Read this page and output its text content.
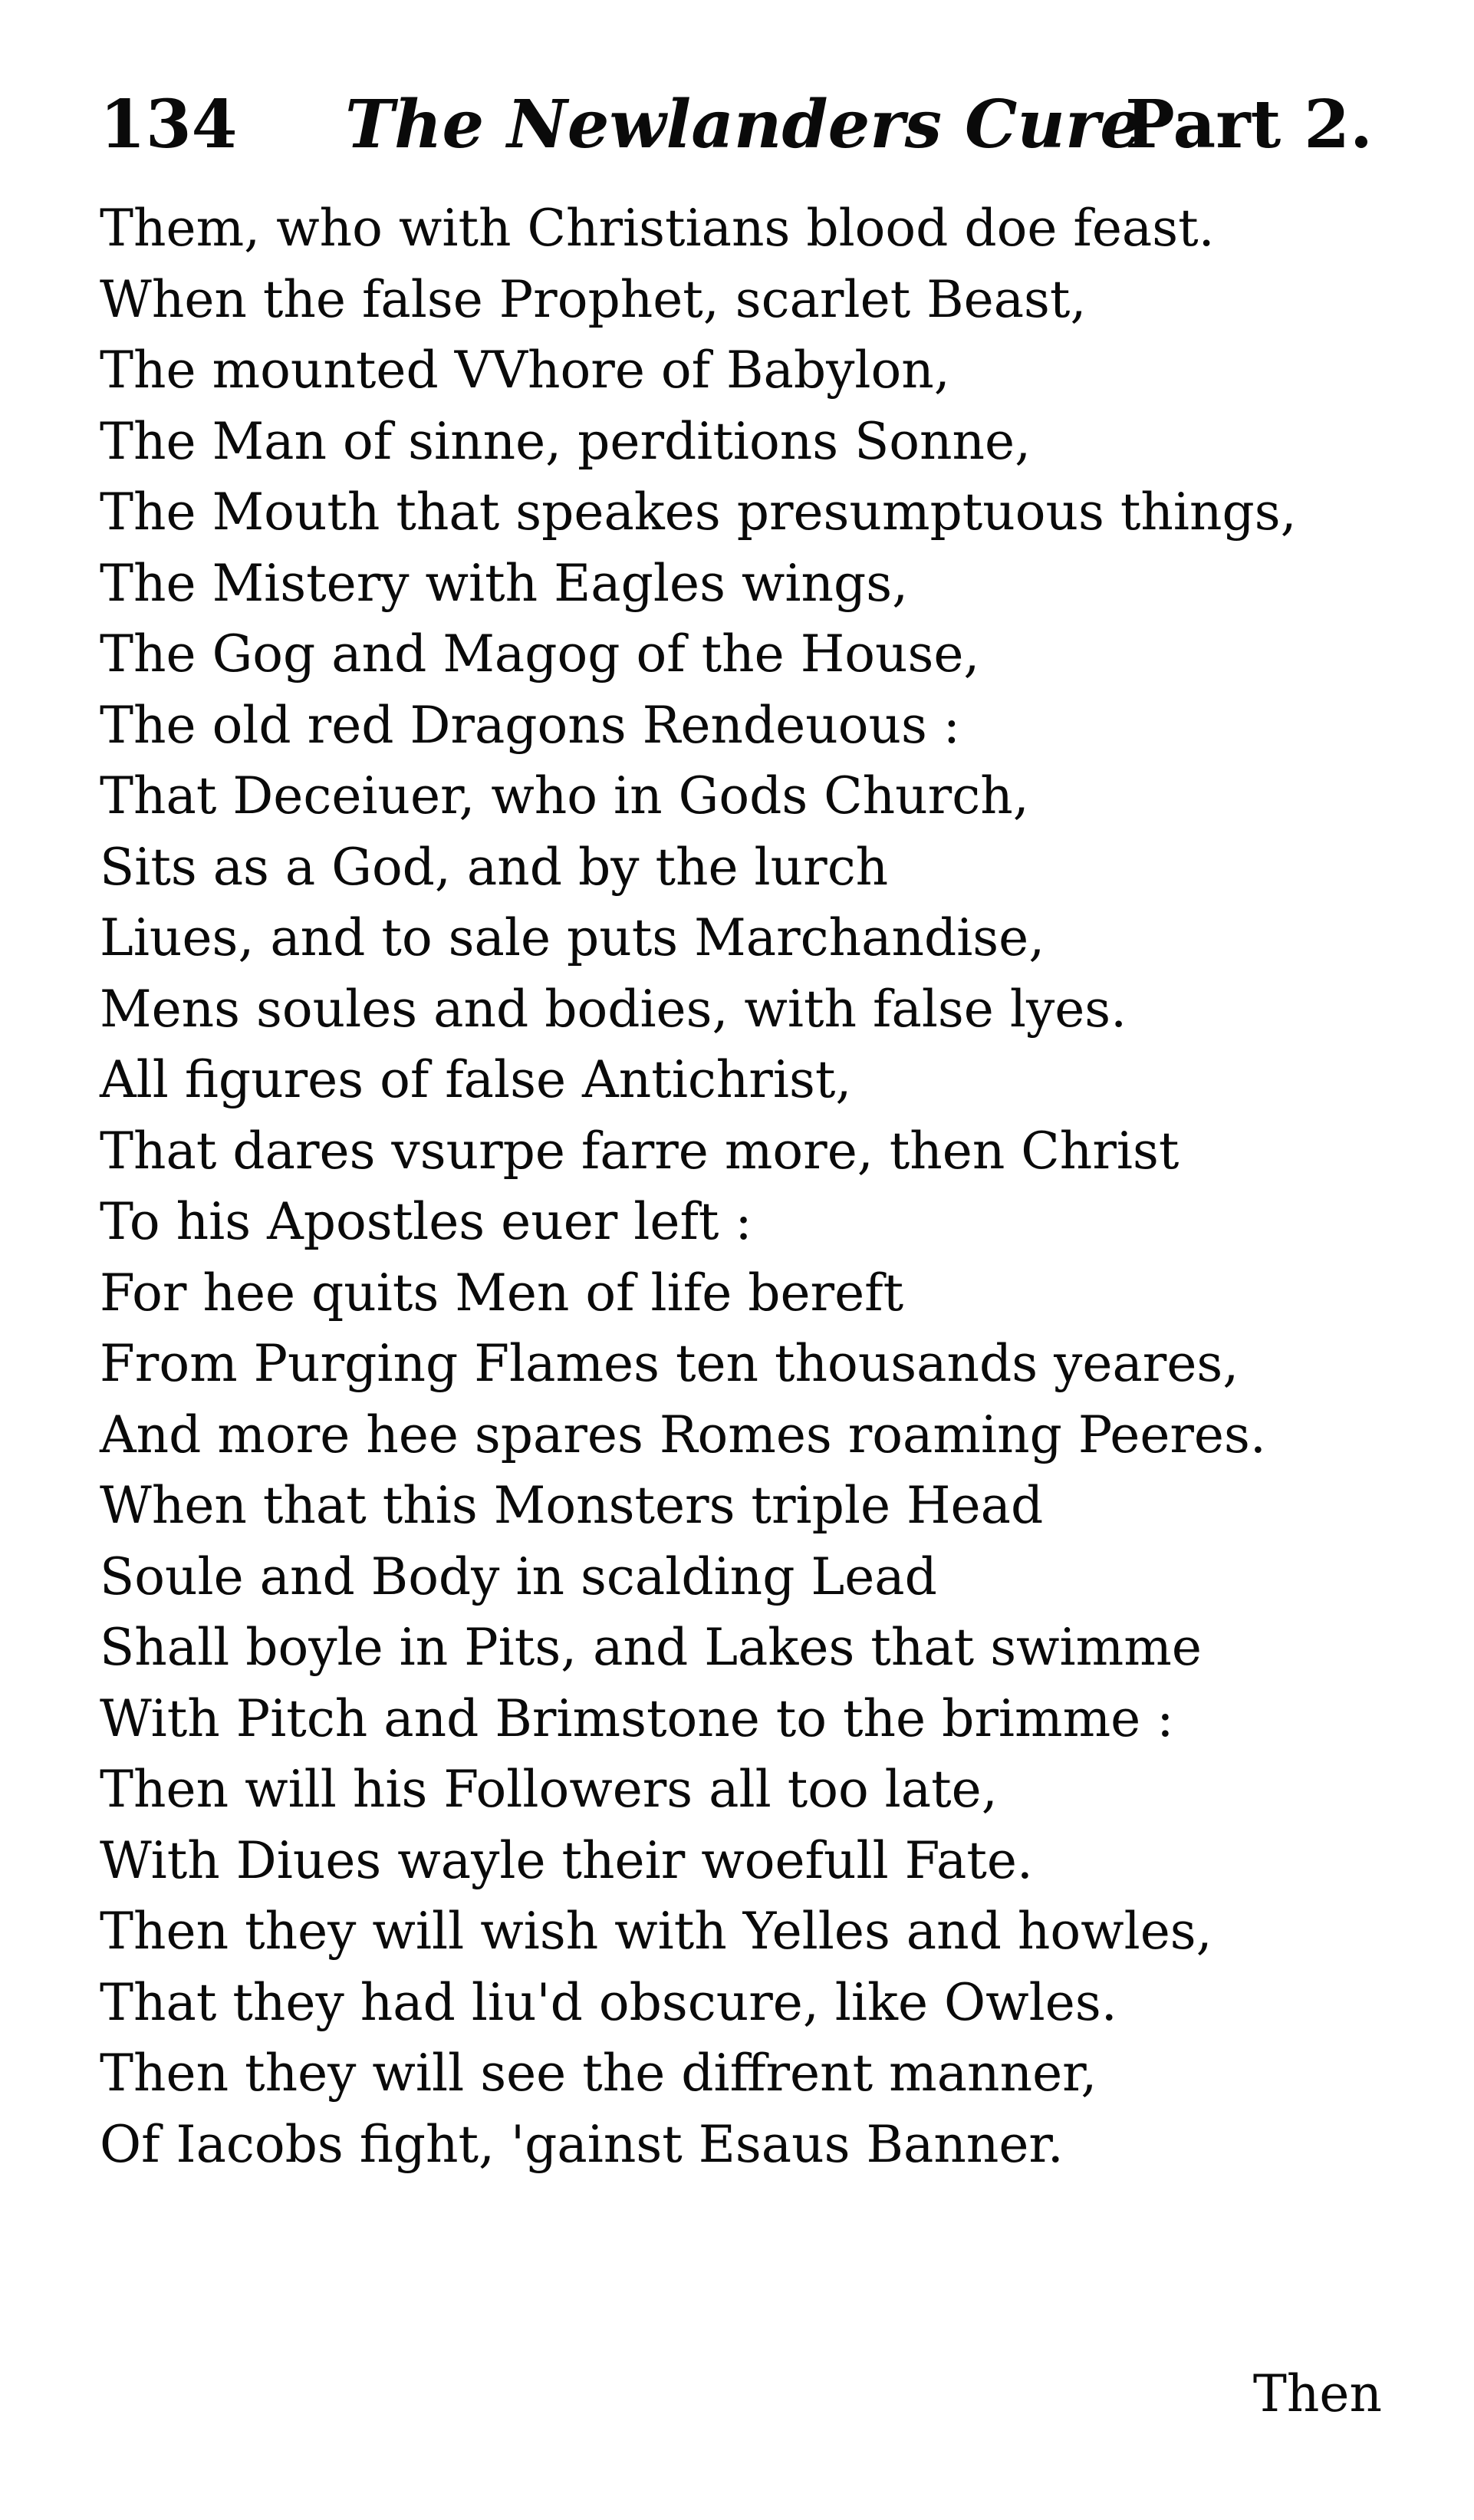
134 The Newlanders Cure
Part 2.
Them, who with Christians blood doe feast.
When the false Prophet, scarlet Beast,
The mounted VVhore of Babylon,
The Man of sinne, perditions Sonne,
The Mouth that speakes presumptuous things,
The Mistery with Eagles wings,
The Gog and Magog of the House,
The old red Dragons Rendeuous :
That Deceiuer, who in Gods Church,
Sits as a God, and by the lurch
Liues, and to sale puts Marchandise,
Mens soules and bodies, with false lyes.
All figures of false Antichrist,
That dares vsurpe farre more, then Christ
To his Apostles euer left :
For hee quits Men of life bereft
From Purging Flames ten thousands yeares,
And more hee spares Romes roaming Peeres.
When that this Monsters triple Head
Soule and Body in scalding Lead
Shall boyle in Pits, and Lakes that swimme
With Pitch and Brimstone to the brimme :
Then will his Followers all too late,
With Diues wayle their woefull Fate.
Then they will wish with Yelles and howles,
That they had liu'd obscure, like Owles.
Then they will see the diffrent manner,
Of Iacobs fight, 'gainst Esaus Banner.
Then
